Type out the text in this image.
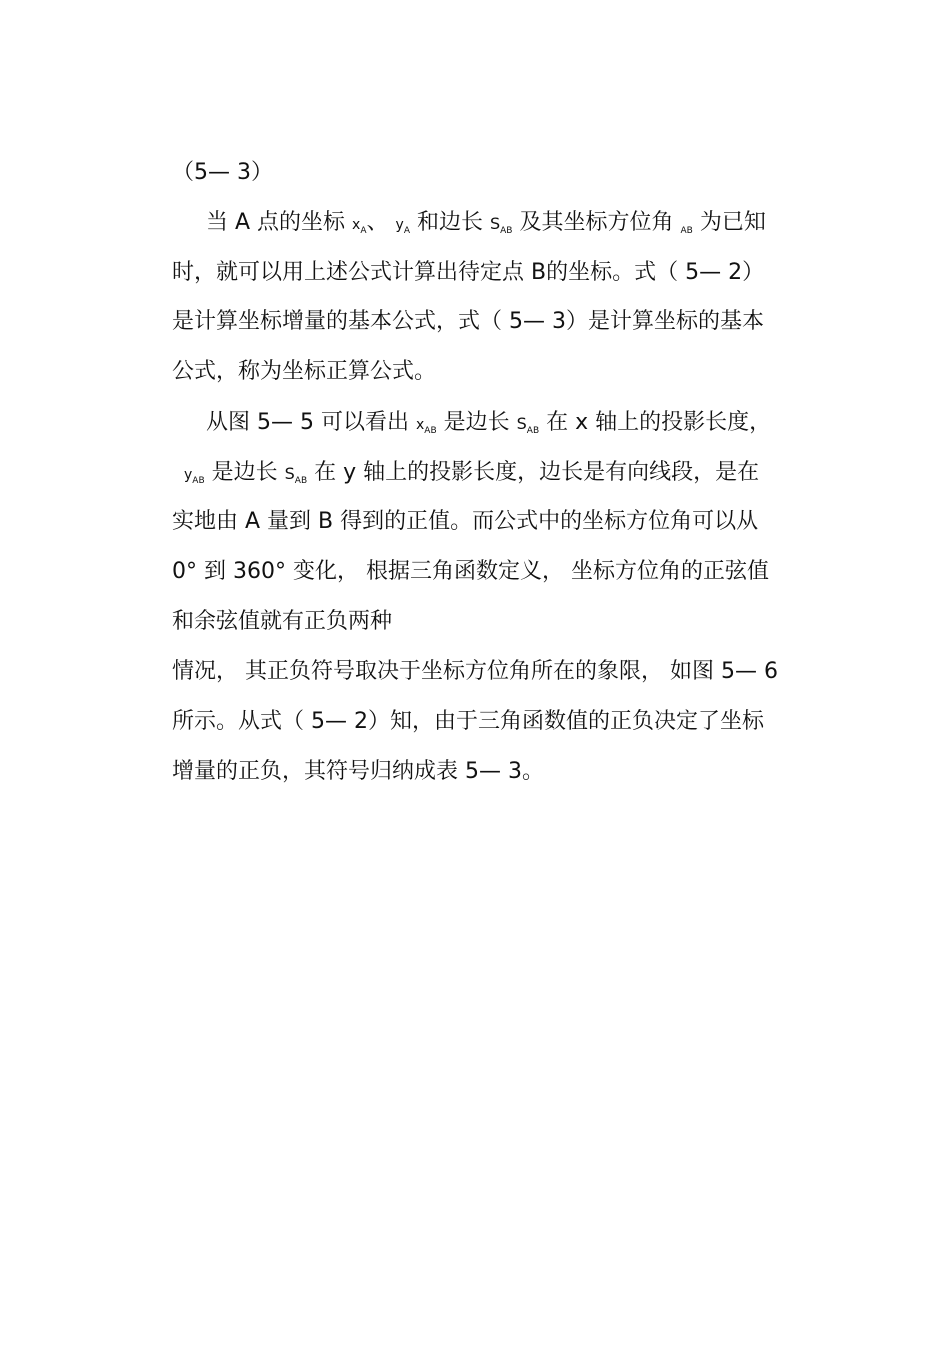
（5— 3）

当 A 点的坐标 xA、 yA 和边长 SAB 及其坐标方位角 AB 为已知

时，就可以用上述公式计算出待定点 B的坐标。式（ 5— 2）

是计算坐标增量的基本公式，式（ 5— 3）是计算坐标的基本

公式，称为坐标正算公式。

从图 5— 5 可以看出 xAB 是边长 SAB 在 x 轴上的投影长度，

yAB 是边长 SAB 在 y 轴上的投影长度，边长是有向线段，是在

实地由 A 量到 B 得到的正值。而公式中的坐标方位角可以从

0° 到 360° 变化， 根据三角函数定义， 坐标方位角的正弦值

和余弦值就有正负两种

情况， 其正负符号取决于坐标方位角所在的象限， 如图 5— 6

所示。从式（ 5— 2）知，由于三角函数值的正负决定了坐标

增量的正负，其符号归纳成表 5— 3。
